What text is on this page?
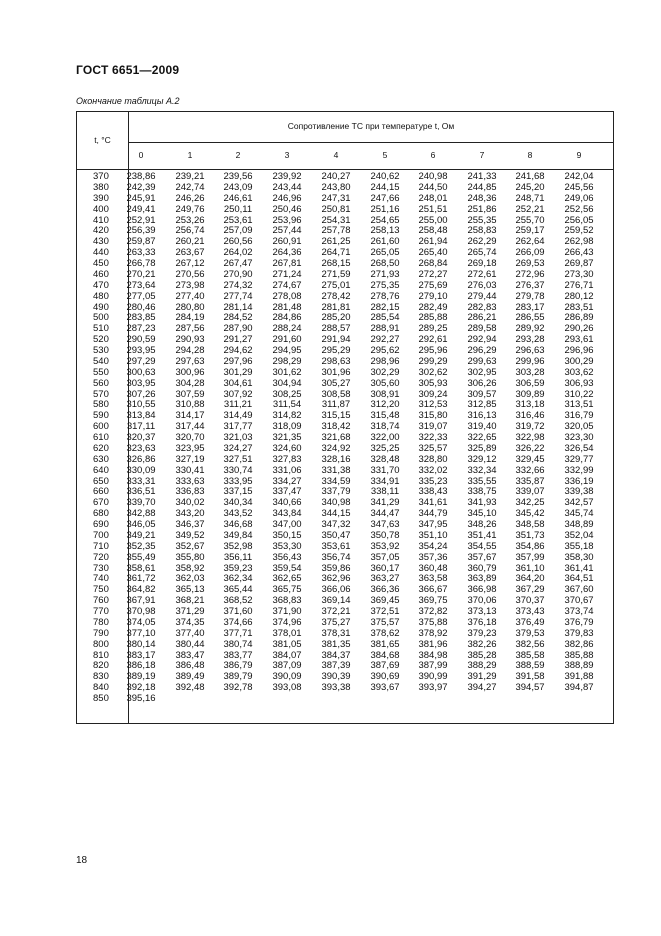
ГОСТ 6651—2009
Окончание таблицы А.2
Сопротивление ТС при температуре t, Ом
t, °С
0	1	2	3	4	5	6	7	8	9
370	238,86	239,21	239,56	239,92	240,27	240,62	240,98	241,33	241,68	242,04
380	242,39	242,74	243,09	243,44	243,80	244,15	244,50	244,85	245,20	245,56
390	245,91	246,26	246,61	246,96	247,31	247,66	248,01	248,36	248,71	249,06
400	249,41	249,76	250,11	250,46	250,81	251,16	251,51	251,86	252,21	252,56
410	252,91	253,26	253,61	253,96	254,31	254,65	255,00	255,35	255,70	256,05
420	256,39	256,74	257,09	257,44	257,78	258,13	258,48	258,83	259,17	259,52
430	259,87	260,21	260,56	260,91	261,25	261,60	261,94	262,29	262,64	262,98
440	263,33	263,67	264,02	264,36	264,71	265,05	265,40	265,74	266,09	266,43
450	266,78	267,12	267,47	267,81	268,15	268,50	268,84	269,18	269,53	269,87
460	270,21	270,56	270,90	271,24	271,59	271,93	272,27	272,61	272,96	273,30
470	273,64	273,98	274,32	274,67	275,01	275,35	275,69	276,03	276,37	276,71
480	277,05	277,40	277,74	278,08	278,42	278,76	279,10	279,44	279,78	280,12
490	280,46	280,80	281,14	281,48	281,81	282,15	282,49	282,83	283,17	283,51
500	283,85	284,19	284,52	284,86	285,20	285,54	285,88	286,21	286,55	286,89
510	287,23	287,56	287,90	288,24	288,57	288,91	289,25	289,58	289,92	290,26
520	290,59	290,93	291,27	291,60	291,94	292,27	292,61	292,94	293,28	293,61
530	293,95	294,28	294,62	294,95	295,29	295,62	295,96	296,29	296,63	296,96
540	297,29	297,63	297,96	298,29	298,63	298,96	299,29	299,63	299,96	300,29
550	300,63	300,96	301,29	301,62	301,96	302,29	302,62	302,95	303,28	303,62
560	303,95	304,28	304,61	304,94	305,27	305,60	305,93	306,26	306,59	306,93
570	307,26	307,59	307,92	308,25	308,58	308,91	309,24	309,57	309,89	310,22
580	310,55	310,88	311,21	311,54	311,87	312,20	312,53	312,85	313,18	313,51
590	313,84	314,17	314,49	314,82	315,15	315,48	315,80	316,13	316,46	316,79
600	317,11	317,44	317,77	318,09	318,42	318,74	319,07	319,40	319,72	320,05
610	320,37	320,70	321,03	321,35	321,68	322,00	322,33	322,65	322,98	323,30
620	323,63	323,95	324,27	324,60	324,92	325,25	325,57	325,89	326,22	326,54
630	326,86	327,19	327,51	327,83	328,16	328,48	328,80	329,12	329,45	329,77
640	330,09	330,41	330,74	331,06	331,38	331,70	332,02	332,34	332,66	332,99
650	333,31	333,63	333,95	334,27	334,59	334,91	335,23	335,55	335,87	336,19
660	336,51	336,83	337,15	337,47	337,79	338,11	338,43	338,75	339,07	339,38
670	339,70	340,02	340,34	340,66	340,98	341,29	341,61	341,93	342,25	342,57
680	342,88	343,20	343,52	343,84	344,15	344,47	344,79	345,10	345,42	345,74
690	346,05	346,37	346,68	347,00	347,32	347,63	347,95	348,26	348,58	348,89
700	349,21	349,52	349,84	350,15	350,47	350,78	351,10	351,41	351,73	352,04
710	352,35	352,67	352,98	353,30	353,61	353,92	354,24	354,55	354,86	355,18
720	355,49	355,80	356,11	356,43	356,74	357,05	357,36	357,67	357,99	358,30
730	358,61	358,92	359,23	359,54	359,86	360,17	360,48	360,79	361,10	361,41
740	361,72	362,03	362,34	362,65	362,96	363,27	363,58	363,89	364,20	364,51
750	364,82	365,13	365,44	365,75	366,06	366,36	366,67	366,98	367,29	367,60
760	367,91	368,21	368,52	368,83	369,14	369,45	369,75	370,06	370,37	370,67
770	370,98	371,29	371,60	371,90	372,21	372,51	372,82	373,13	373,43	373,74
780	374,05	374,35	374,66	374,96	375,27	375,57	375,88	376,18	376,49	376,79
790	377,10	377,40	377,71	378,01	378,31	378,62	378,92	379,23	379,53	379,83
800	380,14	380,44	380,74	381,05	381,35	381,65	381,96	382,26	382,56	382,86
810	383,17	383,47	383,77	384,07	384,37	384,68	384,98	385,28	385,58	385,88
820	386,18	386,48	386,79	387,09	387,39	387,69	387,99	388,29	388,59	388,89
830	389,19	389,49	389,79	390,09	390,39	390,69	390,99	391,29	391,58	391,88
840	392,18	392,48	392,78	393,08	393,38	393,67	393,97	394,27	394,57	394,87
850	395,16
18
